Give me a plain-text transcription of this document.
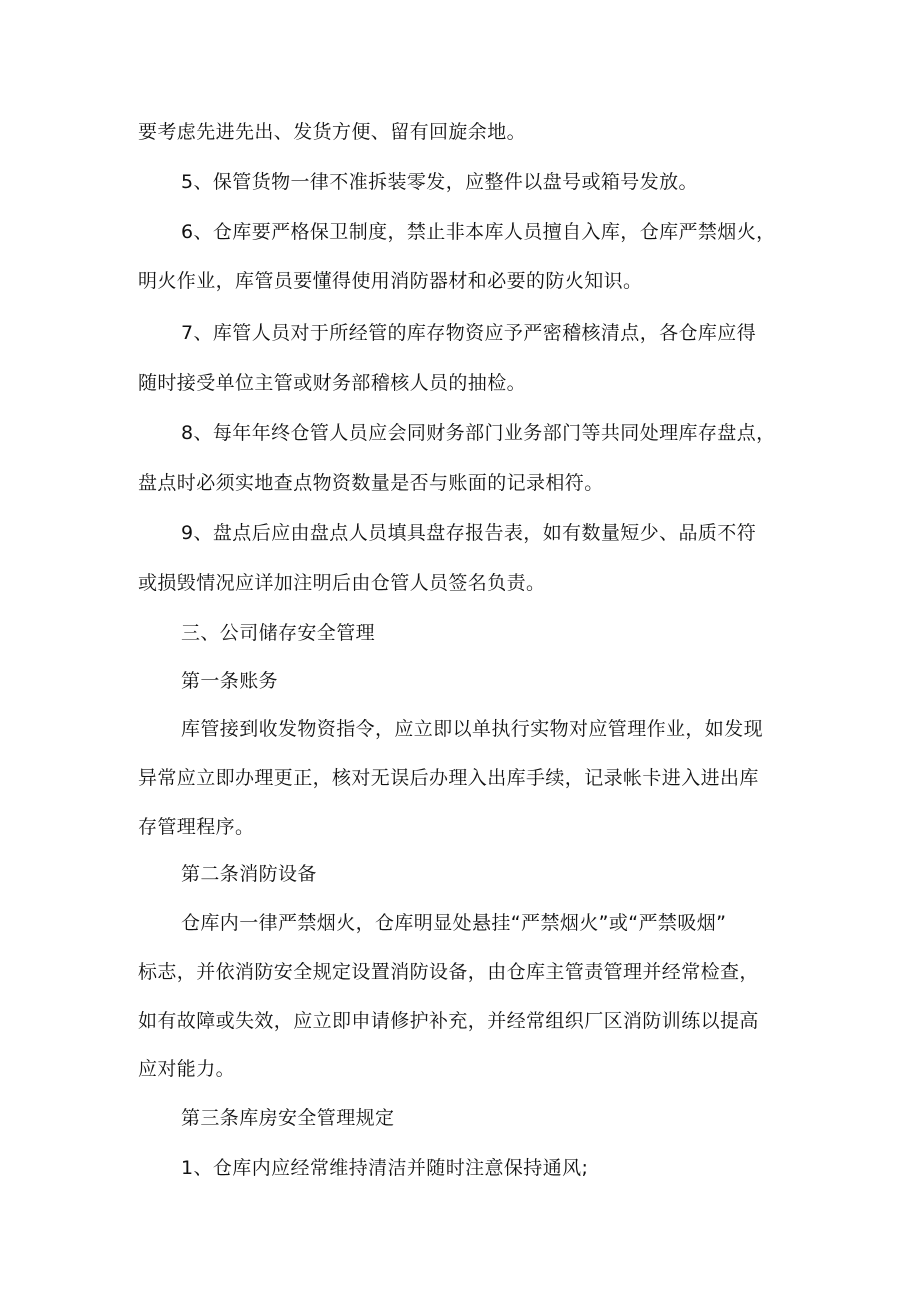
要考虑先进先出、发货方便、留有回旋余地。
5、保管货物一律不准拆装零发，应整件以盘号或箱号发放。
6、仓库要严格保卫制度，禁止非本库人员擅自入库，仓库严禁烟火，
明火作业，库管员要懂得使用消防器材和必要的防火知识。
7、库管人员对于所经管的库存物资应予严密稽核清点，各仓库应得
随时接受单位主管或财务部稽核人员的抽检。
8、每年年终仓管人员应会同财务部门业务部门等共同处理库存盘点，
盘点时必须实地查点物资数量是否与账面的记录相符。
9、盘点后应由盘点人员填具盘存报告表，如有数量短少、品质不符
或损毁情况应详加注明后由仓管人员签名负责。
三、公司储存安全管理
第一条账务
库管接到收发物资指令，应立即以单执行实物对应管理作业，如发现
异常应立即办理更正，核对无误后办理入出库手续，记录帐卡进入进出库
存管理程序。
第二条消防设备
仓库内一律严禁烟火，仓库明显处悬挂“严禁烟火”或“严禁吸烟”
标志，并依消防安全规定设置消防设备，由仓库主管责管理并经常检查，
如有故障或失效，应立即申请修护补充，并经常组织厂区消防训练以提高
应对能力。
第三条库房安全管理规定
1、仓库内应经常维持清洁并随时注意保持通风;
